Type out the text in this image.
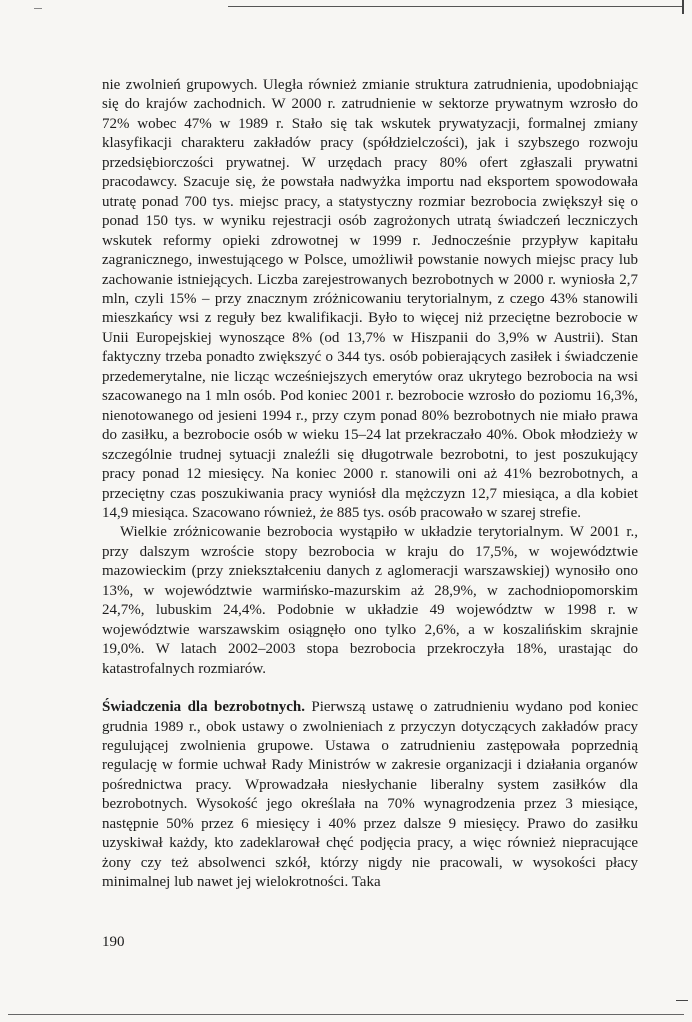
nie zwolnień grupowych. Uległa również zmianie struktura zatrudnienia, upodobniając się do krajów zachodnich. W 2000 r. zatrudnienie w sektorze prywatnym wzrosło do 72% wobec 47% w 1989 r. Stało się tak wskutek prywatyzacji, formalnej zmiany klasyfikacji charakteru zakładów pracy (spółdzielczości), jak i szybszego rozwoju przedsiębiorczości prywatnej. W urzędach pracy 80% ofert zgłaszali prywatni pracodawcy. Szacuje się, że powstała nadwyżka importu nad eksportem spowodowała utratę ponad 700 tys. miejsc pracy, a statystyczny rozmiar bezrobocia zwiększył się o ponad 150 tys. w wyniku rejestracji osób zagrożonych utratą świadczeń leczniczych wskutek reformy opieki zdrowotnej w 1999 r. Jednocześnie przypływ kapitału zagranicznego, inwestującego w Polsce, umożliwił powstanie nowych miejsc pracy lub zachowanie istniejących. Liczba zarejestrowanych bezrobotnych w 2000 r. wyniosła 2,7 mln, czyli 15% – przy znacznym zróżnicowaniu terytorialnym, z czego 43% stanowili mieszkańcy wsi z reguły bez kwalifikacji. Było to więcej niż przeciętne bezrobocie w Unii Europejskiej wynoszące 8% (od 13,7% w Hiszpanii do 3,9% w Austrii). Stan faktyczny trzeba ponadto zwiększyć o 344 tys. osób pobierających zasiłek i świadczenie przedemerytalne, nie licząc wcześniejszych emerytów oraz ukrytego bezrobocia na wsi szacowanego na 1 mln osób. Pod koniec 2001 r. bezrobocie wzrosło do poziomu 16,3%, nienotowanego od jesieni 1994 r., przy czym ponad 80% bezrobotnych nie miało prawa do zasiłku, a bezrobocie osób w wieku 15–24 lat przekraczało 40%. Obok młodzieży w szczególnie trudnej sytuacji znaleźli się długotrwale bezrobotni, to jest poszukujący pracy ponad 12 miesięcy. Na koniec 2000 r. stanowili oni aż 41% bezrobotnych, a przeciętny czas poszukiwania pracy wyniósł dla mężczyzn 12,7 miesiąca, a dla kobiet 14,9 miesiąca. Szacowano również, że 885 tys. osób pracowało w szarej strefie.

Wielkie zróżnicowanie bezrobocia wystąpiło w układzie terytorialnym. W 2001 r., przy dalszym wzroście stopy bezrobocia w kraju do 17,5%, w województwie mazowieckim (przy zniekształceniu danych z aglomeracji warszawskiej) wynosiło ono 13%, w województwie warmińsko-mazurskim aż 28,9%, w zachodniopomorskim 24,7%, lubuskim 24,4%. Podobnie w układzie 49 województw w 1998 r. w województwie warszawskim osiągnęło ono tylko 2,6%, a w koszalińskim skrajnie 19,0%. W latach 2002–2003 stopa bezrobocia przekroczyła 18%, urastając do katastrofalnych rozmiarów.

Świadczenia dla bezrobotnych. Pierwszą ustawę o zatrudnieniu wydano pod koniec grudnia 1989 r., obok ustawy o zwolnieniach z przyczyn dotyczących zakładów pracy regulującej zwolnienia grupowe. Ustawa o zatrudnieniu zastępowała poprzednią regulację w formie uchwał Rady Ministrów w zakresie organizacji i działania organów pośrednictwa pracy. Wprowadzała niesłychanie liberalny system zasiłków dla bezrobotnych. Wysokość jego określała na 70% wynagrodzenia przez 3 miesiące, następnie 50% przez 6 miesięcy i 40% przez dalsze 9 miesięcy. Prawo do zasiłku uzyskiwał każdy, kto zadeklarował chęć podjęcia pracy, a więc również niepracujące żony czy też absolwenci szkół, którzy nigdy nie pracowali, w wysokości płacy minimalnej lub nawet jej wielokrotności. Taka

190
